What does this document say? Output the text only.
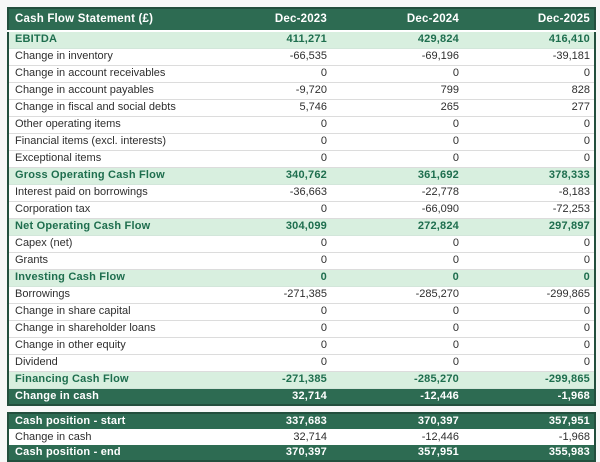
Cash Flow Statement (£)	Dec-2023	Dec-2024	Dec-2025
EBITDA	411,271	429,824	416,410
Change in inventory	-66,535	-69,196	-39,181
Change in account receivables	0	0	0
Change in account payables	-9,720	799	828
Change in fiscal and social debts	5,746	265	277
Other operating items	0	0	0
Financial items (excl. interests)	0	0	0
Exceptional items	0	0	0
Gross Operating Cash Flow	340,762	361,692	378,333
Interest paid on borrowings	-36,663	-22,778	-8,183
Corporation tax	0	-66,090	-72,253
Net Operating Cash Flow	304,099	272,824	297,897
Capex (net)	0	0	0
Grants	0	0	0
Investing Cash Flow	0	0	0
Borrowings	-271,385	-285,270	-299,865
Change in share capital	0	0	0
Change in shareholder loans	0	0	0
Change in other equity	0	0	0
Dividend	0	0	0
Financing Cash Flow	-271,385	-285,270	-299,865
Change in cash	32,714	-12,446	-1,968
Cash position - start	337,683	370,397	357,951
Change in cash	32,714	-12,446	-1,968
Cash position - end	370,397	357,951	355,983
